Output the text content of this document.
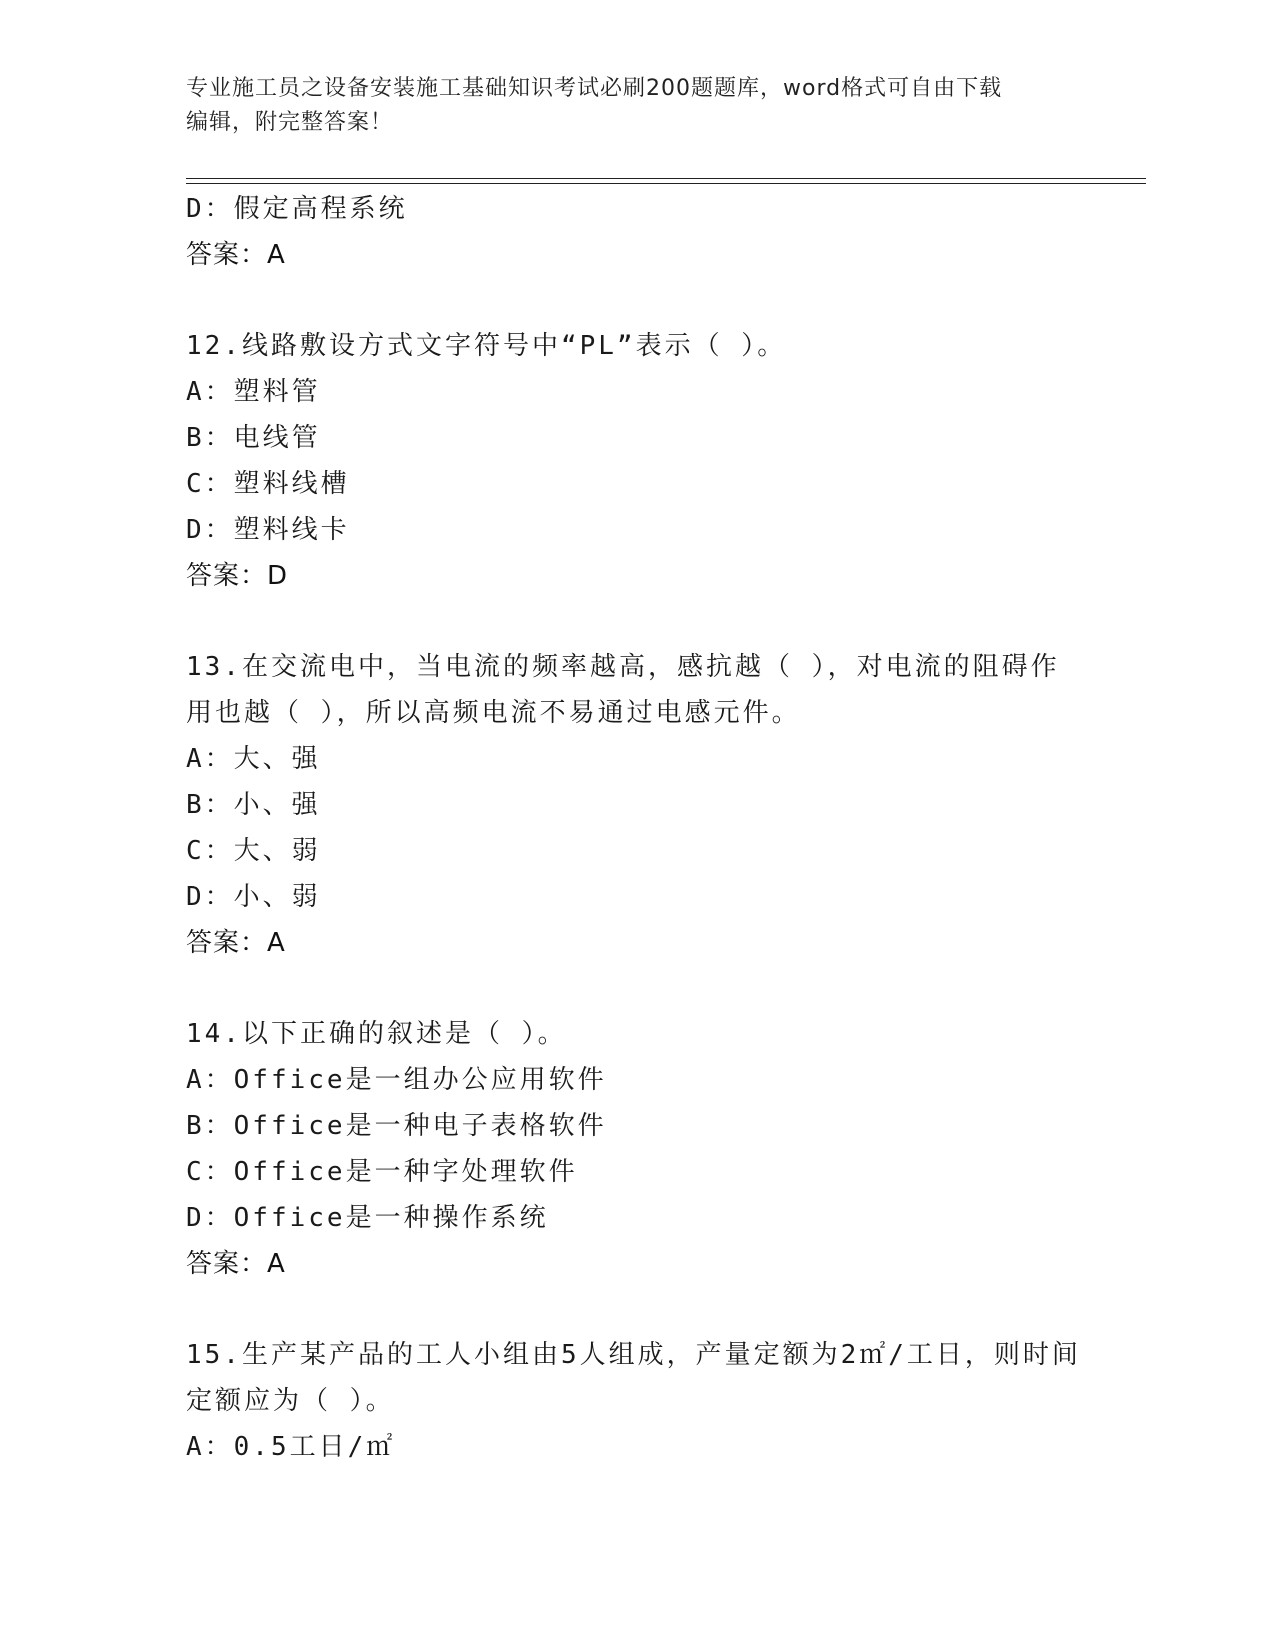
专业施工员之设备安装施工基础知识考试必刷200题题库，word格式可自由下载
编辑，附完整答案！
D：假定高程系统
答案：A
12.线路敷设方式文字符号中“PL”表示（ ）。
A：塑料管
B：电线管
C：塑料线槽
D：塑料线卡
答案：D
13.在交流电中，当电流的频率越高，感抗越（ ），对电流的阻碍作
用也越（ ），所以高频电流不易通过电感元件。
A：大、强
B：小、强
C：大、弱
D：小、弱
答案：A
14.以下正确的叙述是（ ）。
A：Office是一组办公应用软件
B：Office是一种电子表格软件
C：Office是一种字处理软件
D：Office是一种操作系统
答案：A
15.生产某产品的工人小组由5人组成，产量定额为2㎡/工日，则时间
定额应为（ ）。
A：0.5工日/㎡
